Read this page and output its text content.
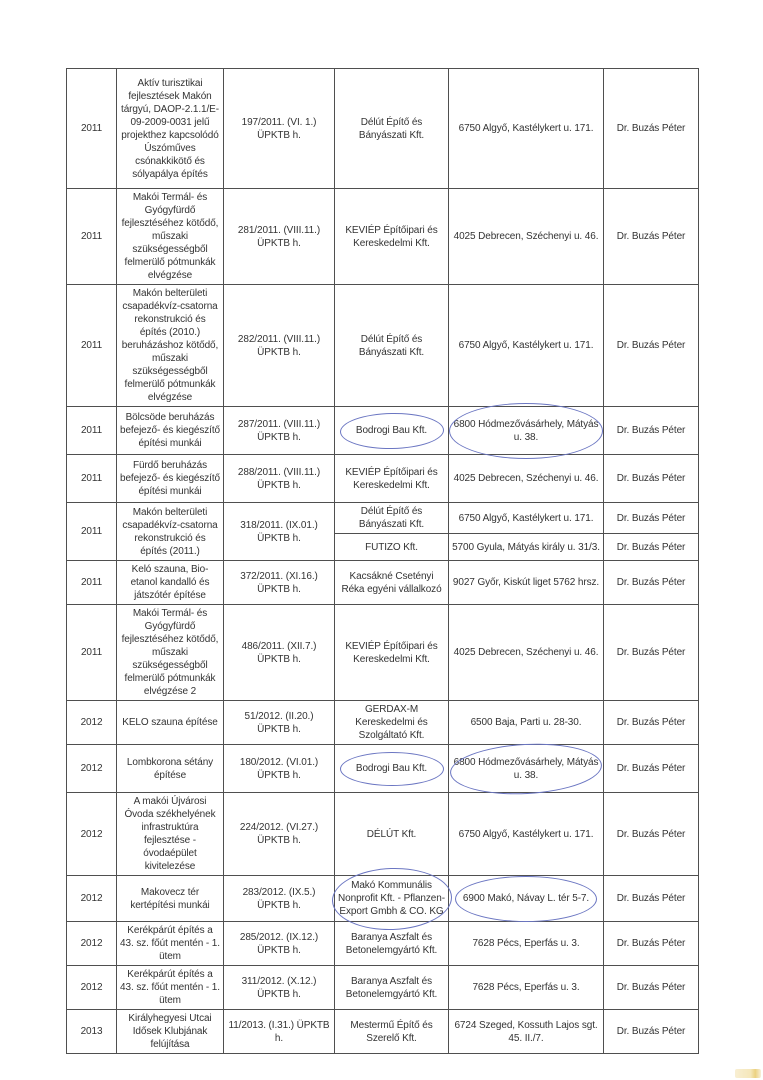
2011	Aktív turisztikai fejlesztések Makón tárgyú, DAOP-2.1.1/E-09-2009-0031 jelű projekthez kapcsolódó Úszóműves csónakkikötő és sólyapálya építés	197/2011. (VI. 1.) ÜPKTB h.	Délút Építő és Bányászati Kft.	6750 Algyő, Kastélykert u. 171.	Dr. Buzás Péter
2011	Makói Termál- és Gyógyfürdő fejlesztéséhez kötődő, műszaki szükségességből felmerülő pótmunkák elvégzése	281/2011. (VIII.11.) ÜPKTB h.	KEVIÉP Építőipari és Kereskedelmi Kft.	4025 Debrecen, Széchenyi u. 46.	Dr. Buzás Péter
2011	Makón belterületi csapadékvíz-csatorna rekonstrukció és építés (2010.) beruházáshoz kötődő, műszaki szükségességből felmerülő pótmunkák elvégzése	282/2011. (VIII.11.) ÜPKTB h.	Délút Építő és Bányászati Kft.	6750 Algyő, Kastélykert u. 171.	Dr. Buzás Péter
2011	Bölcsöde beruházás befejező- és kiegészítő építési munkái	287/2011. (VIII.11.) ÜPKTB h.	Bodrogi Bau Kft.	6800 Hódmezővásárhely, Mátyás u. 38.	Dr. Buzás Péter
2011	Fürdő beruházás befejező- és kiegészítő építési munkái	288/2011. (VIII.11.) ÜPKTB h.	KEVIÉP Építőipari és Kereskedelmi Kft.	4025 Debrecen, Széchenyi u. 46.	Dr. Buzás Péter
2011	Makón belterületi csapadékvíz-csatorna rekonstrukció és építés (2011.)	318/2011. (IX.01.) ÜPKTB h.	Délút Építő és Bányászati Kft.	6750 Algyő, Kastélykert u. 171.	Dr. Buzás Péter
			FUTIZO Kft.	5700 Gyula, Mátyás király u. 31/3.	Dr. Buzás Péter
2011	Keló szauna, Bio-etanol kandalló és játszótér építése	372/2011. (XI.16.) ÜPKTB h.	Kacsákné Csetényi Réka egyéni vállalkozó	9027 Győr, Kiskút liget 5762 hrsz.	Dr. Buzás Péter
2011	Makói Termál- és Gyógyfürdő fejlesztéséhez kötődő, műszaki szükségességből felmerülő pótmunkák elvégzése 2	486/2011. (XII.7.) ÜPKTB h.	KEVIÉP Építőipari és Kereskedelmi Kft.	4025 Debrecen, Széchenyi u. 46.	Dr. Buzás Péter
2012	KELO szauna építése	51/2012. (II.20.) ÜPKTB h.	GERDAX-M Kereskedelmi és Szolgáltató Kft.	6500 Baja, Parti u. 28-30.	Dr. Buzás Péter
2012	Lombkorona sétány építése	180/2012. (VI.01.) ÜPKTB h.	Bodrogi Bau Kft.	6800 Hódmezővásárhely, Mátyás u. 38.	Dr. Buzás Péter
2012	A makói Újvárosi Óvoda székhelyének infrastruktúra fejlesztése - óvodaépület kivitelezése	224/2012. (VI.27.) ÜPKTB h.	DÉLÚT Kft.	6750 Algyő, Kastélykert u. 171.	Dr. Buzás Péter
2012	Makovecz tér kertépítési munkái	283/2012. (IX.5.) ÜPKTB h.	Makó Kommunális Nonprofit Kft. - Pflanzen-Export Gmbh & CO. KG	6900 Makó, Návay L. tér 5-7.	Dr. Buzás Péter
2012	Kerékpárút építés a 43. sz. főút mentén - 1. ütem	285/2012. (IX.12.) ÜPKTB h.	Baranya Aszfalt és Betonelemgyártó Kft.	7628 Pécs, Eperfás u. 3.	Dr. Buzás Péter
2012	Kerékpárút építés a 43. sz. főút mentén - 1. ütem	311/2012. (X.12.) ÜPKTB h.	Baranya Aszfalt és Betonelemgyártó Kft.	7628 Pécs, Eperfás u. 3.	Dr. Buzás Péter
2013	Királyhegyesi Utcai Idősek Klubjának felújítása	11/2013. (I.31.) ÜPKTB h.	Mestermű Építő és Szerelő Kft.	6724 Szeged, Kossuth Lajos sgt. 45. II./7.	Dr. Buzás Péter
